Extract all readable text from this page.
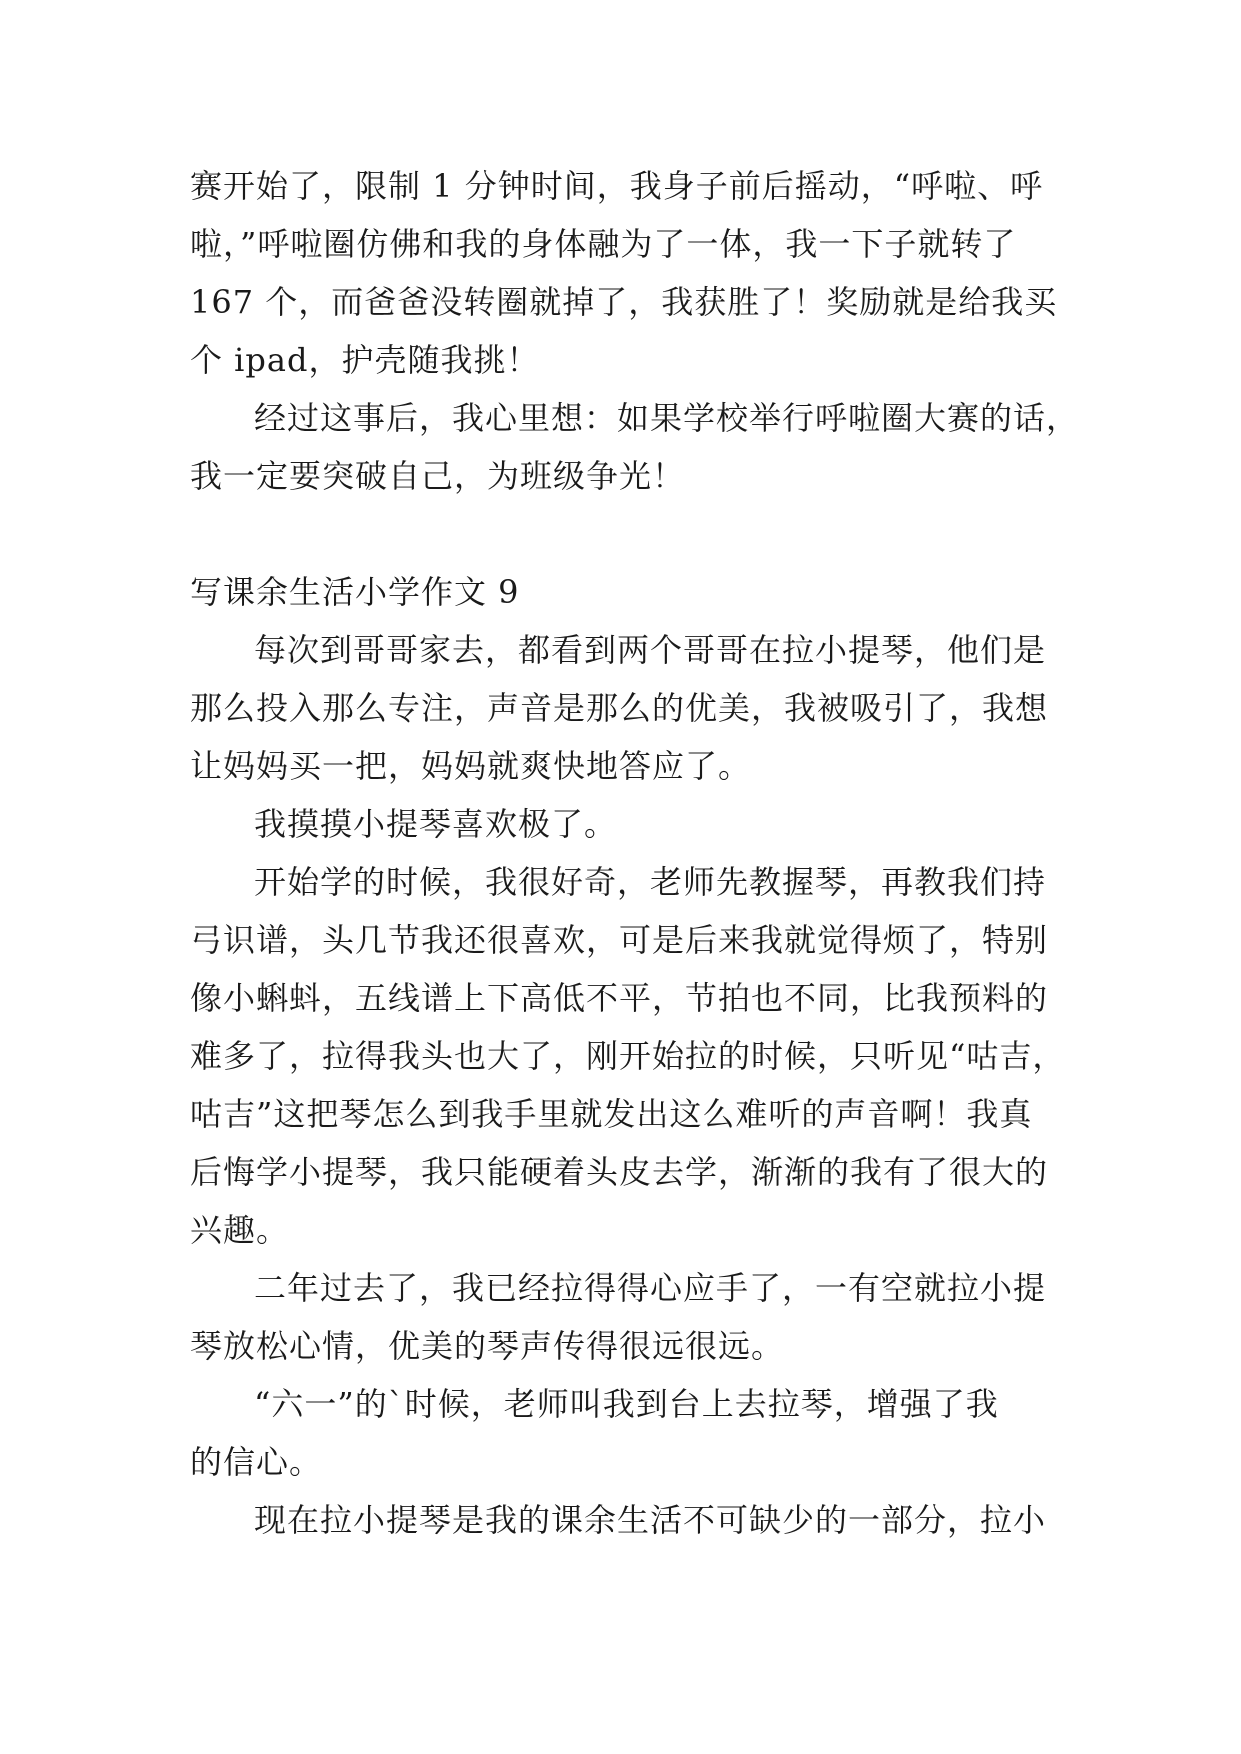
赛开始了，限制 1 分钟时间，我身子前后摇动，“呼啦、呼
啦，”呼啦圈仿佛和我的身体融为了一体，我一下子就转了
167 个，而爸爸没转圈就掉了，我获胜了！奖励就是给我买
个 ipad，护壳随我挑！
经过这事后，我心里想：如果学校举行呼啦圈大赛的话，
我一定要突破自己，为班级争光！
写课余生活小学作文 9
每次到哥哥家去，都看到两个哥哥在拉小提琴，他们是
那么投入那么专注，声音是那么的优美，我被吸引了，我想
让妈妈买一把，妈妈就爽快地答应了。
我摸摸小提琴喜欢极了。
开始学的时候，我很好奇，老师先教握琴，再教我们持
弓识谱，头几节我还很喜欢，可是后来我就觉得烦了，特别
像小蝌蚪，五线谱上下高低不平，节拍也不同，比我预料的
难多了，拉得我头也大了，刚开始拉的时候，只听见“咕吉，
咕吉”这把琴怎么到我手里就发出这么难听的声音啊！我真
后悔学小提琴，我只能硬着头皮去学，渐渐的我有了很大的
兴趣。
二年过去了，我已经拉得得心应手了，一有空就拉小提
琴放松心情，优美的琴声传得很远很远。
“六一”的`时候，老师叫我到台上去拉琴，增强了我
的信心。
现在拉小提琴是我的课余生活不可缺少的一部分，拉小
